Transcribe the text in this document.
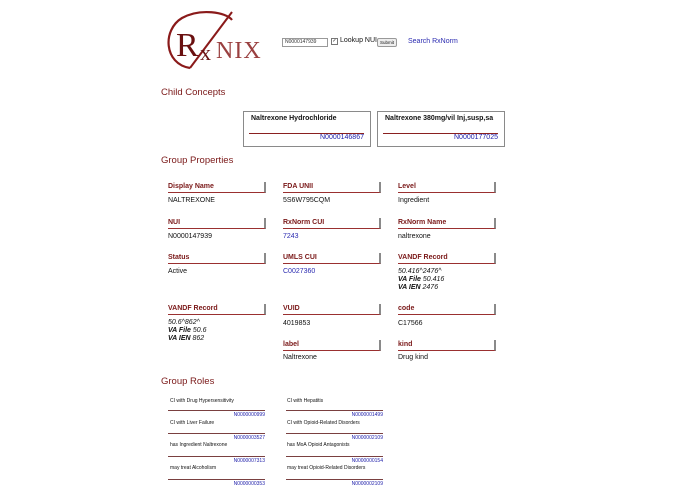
R x NIX	N0000147939	✓ Lookup NUI Submit	Search RxNorm
Child Concepts
Naltrexone Hydrochloride
N0000146867
Naltrexone 380mg/vil Inj,susp,sa
N0000177025
Group Properties
Display Name
NALTREXONE
FDA UNII
5S6W795CQM
Level
Ingredient
NUI
N0000147939
RxNorm CUI
7243
RxNorm Name
naltrexone
Status
Active
UMLS CUI
C0027360
VANDF Record
50.416^2476^
VA File 50.416
VA IEN 2476
VANDF Record
50.6^862^
VA File 50.6
VA IEN 862
VUID
4019853
code
C17566
label
Naltrexone
kind
Drug kind
Group Roles
CI with Drug Hypersensitivity
N0000000999
CI with Liver Failure
N0000003527
has Ingredient Naltrexone
N0000007313
may treat Alcoholism
N0000000353
CI with Hepatitis
N0000001499
CI with Opioid-Related Disorders
N0000002109
has MoA Opioid Antagonists
N0000000154
may treat Opioid-Related Disorders
N0000002109
